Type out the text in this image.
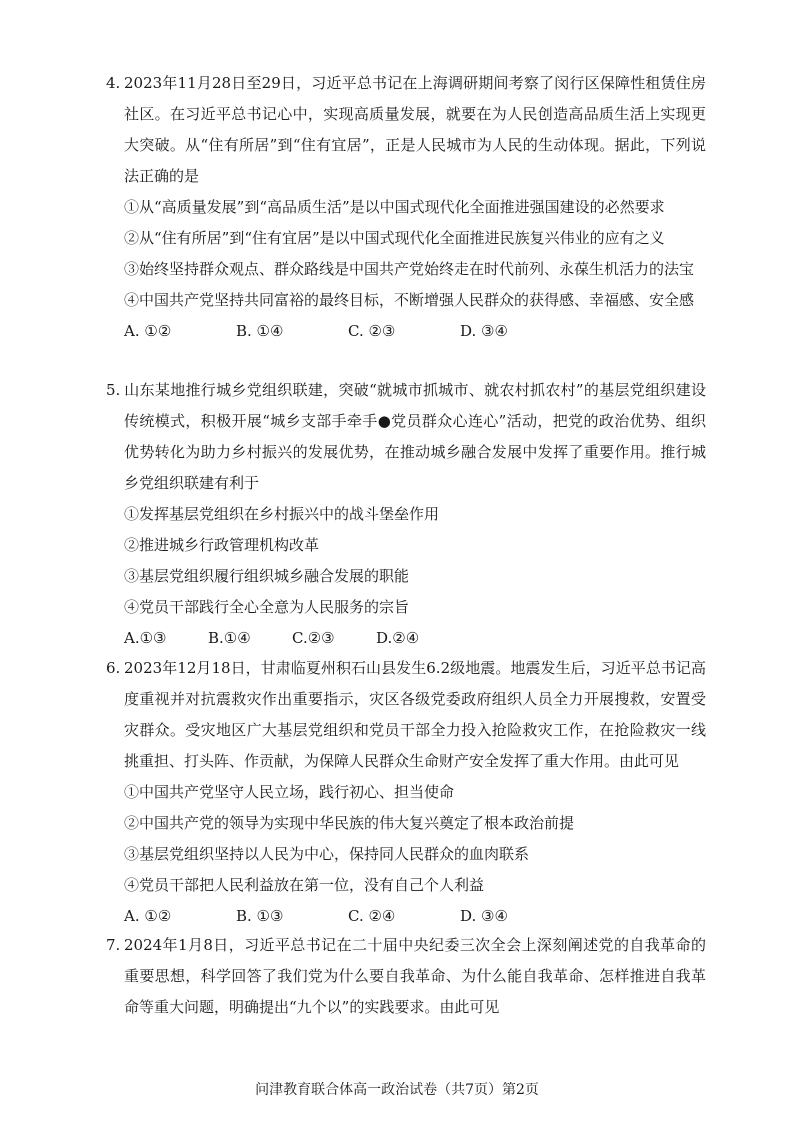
4. 2023年11月28日至29日，习近平总书记在上海调研期间考察了闵行区保障性租赁住房社区。在习近平总书记心中，实现高质量发展，就要在为人民创造高品质生活上实现更大突破。从“住有所居”到“住有宜居”，正是人民城市为人民的生动体现。据此，下列说法正确的是

①从“高质量发展”到“高品质生活”是以中国式现代化全面推进强国建设的必然要求

②从“住有所居”到“住有宜居”是以中国式现代化全面推进民族复兴伟业的应有之义

③始终坚持群众观点、群众路线是中国共产党始终走在时代前列、永葆生机活力的法宝

④中国共产党坚持共同富裕的最终目标，不断增强人民群众的获得感、幸福感、安全感

A. ①②	B. ①④	C. ②③	D. ③④

5. 山东某地推行城乡党组织联建，突破“就城市抓城市、就农村抓农村”的基层党组织建设传统模式，积极开展“城乡支部手牵手●党员群众心连心”活动，把党的政治优势、组织优势转化为助力乡村振兴的发展优势，在推动城乡融合发展中发挥了重要作用。推行城乡党组织联建有利于

①发挥基层党组织在乡村振兴中的战斗堡垒作用

②推进城乡行政管理机构改革

③基层党组织履行组织城乡融合发展的职能

④党员干部践行全心全意为人民服务的宗旨

A.①③	B.①④	C.②③	D.②④

6. 2023年12月18日，甘肃临夏州积石山县发生6.2级地震。地震发生后，习近平总书记高度重视并对抗震救灾作出重要指示，灾区各级党委政府组织人员全力开展搜救，安置受灾群众。受灾地区广大基层党组织和党员干部全力投入抢险救灾工作，在抢险救灾一线挑重担、打头阵、作贡献，为保障人民群众生命财产安全发挥了重大作用。由此可见

①中国共产党坚守人民立场，践行初心、担当使命

②中国共产党的领导为实现中华民族的伟大复兴奠定了根本政治前提

③基层党组织坚持以人民为中心，保持同人民群众的血肉联系

④党员干部把人民利益放在第一位，没有自己个人利益

A. ①②	B. ①③	C. ②④	D. ③④

7. 2024年1月8日，习近平总书记在二十届中央纪委三次全会上深刻阐述党的自我革命的重要思想，科学回答了我们党为什么要自我革命、为什么能自我革命、怎样推进自我革命等重大问题，明确提出“九个以”的实践要求。由此可见

问津教育联合体高一政治试卷（共7页）第2页
